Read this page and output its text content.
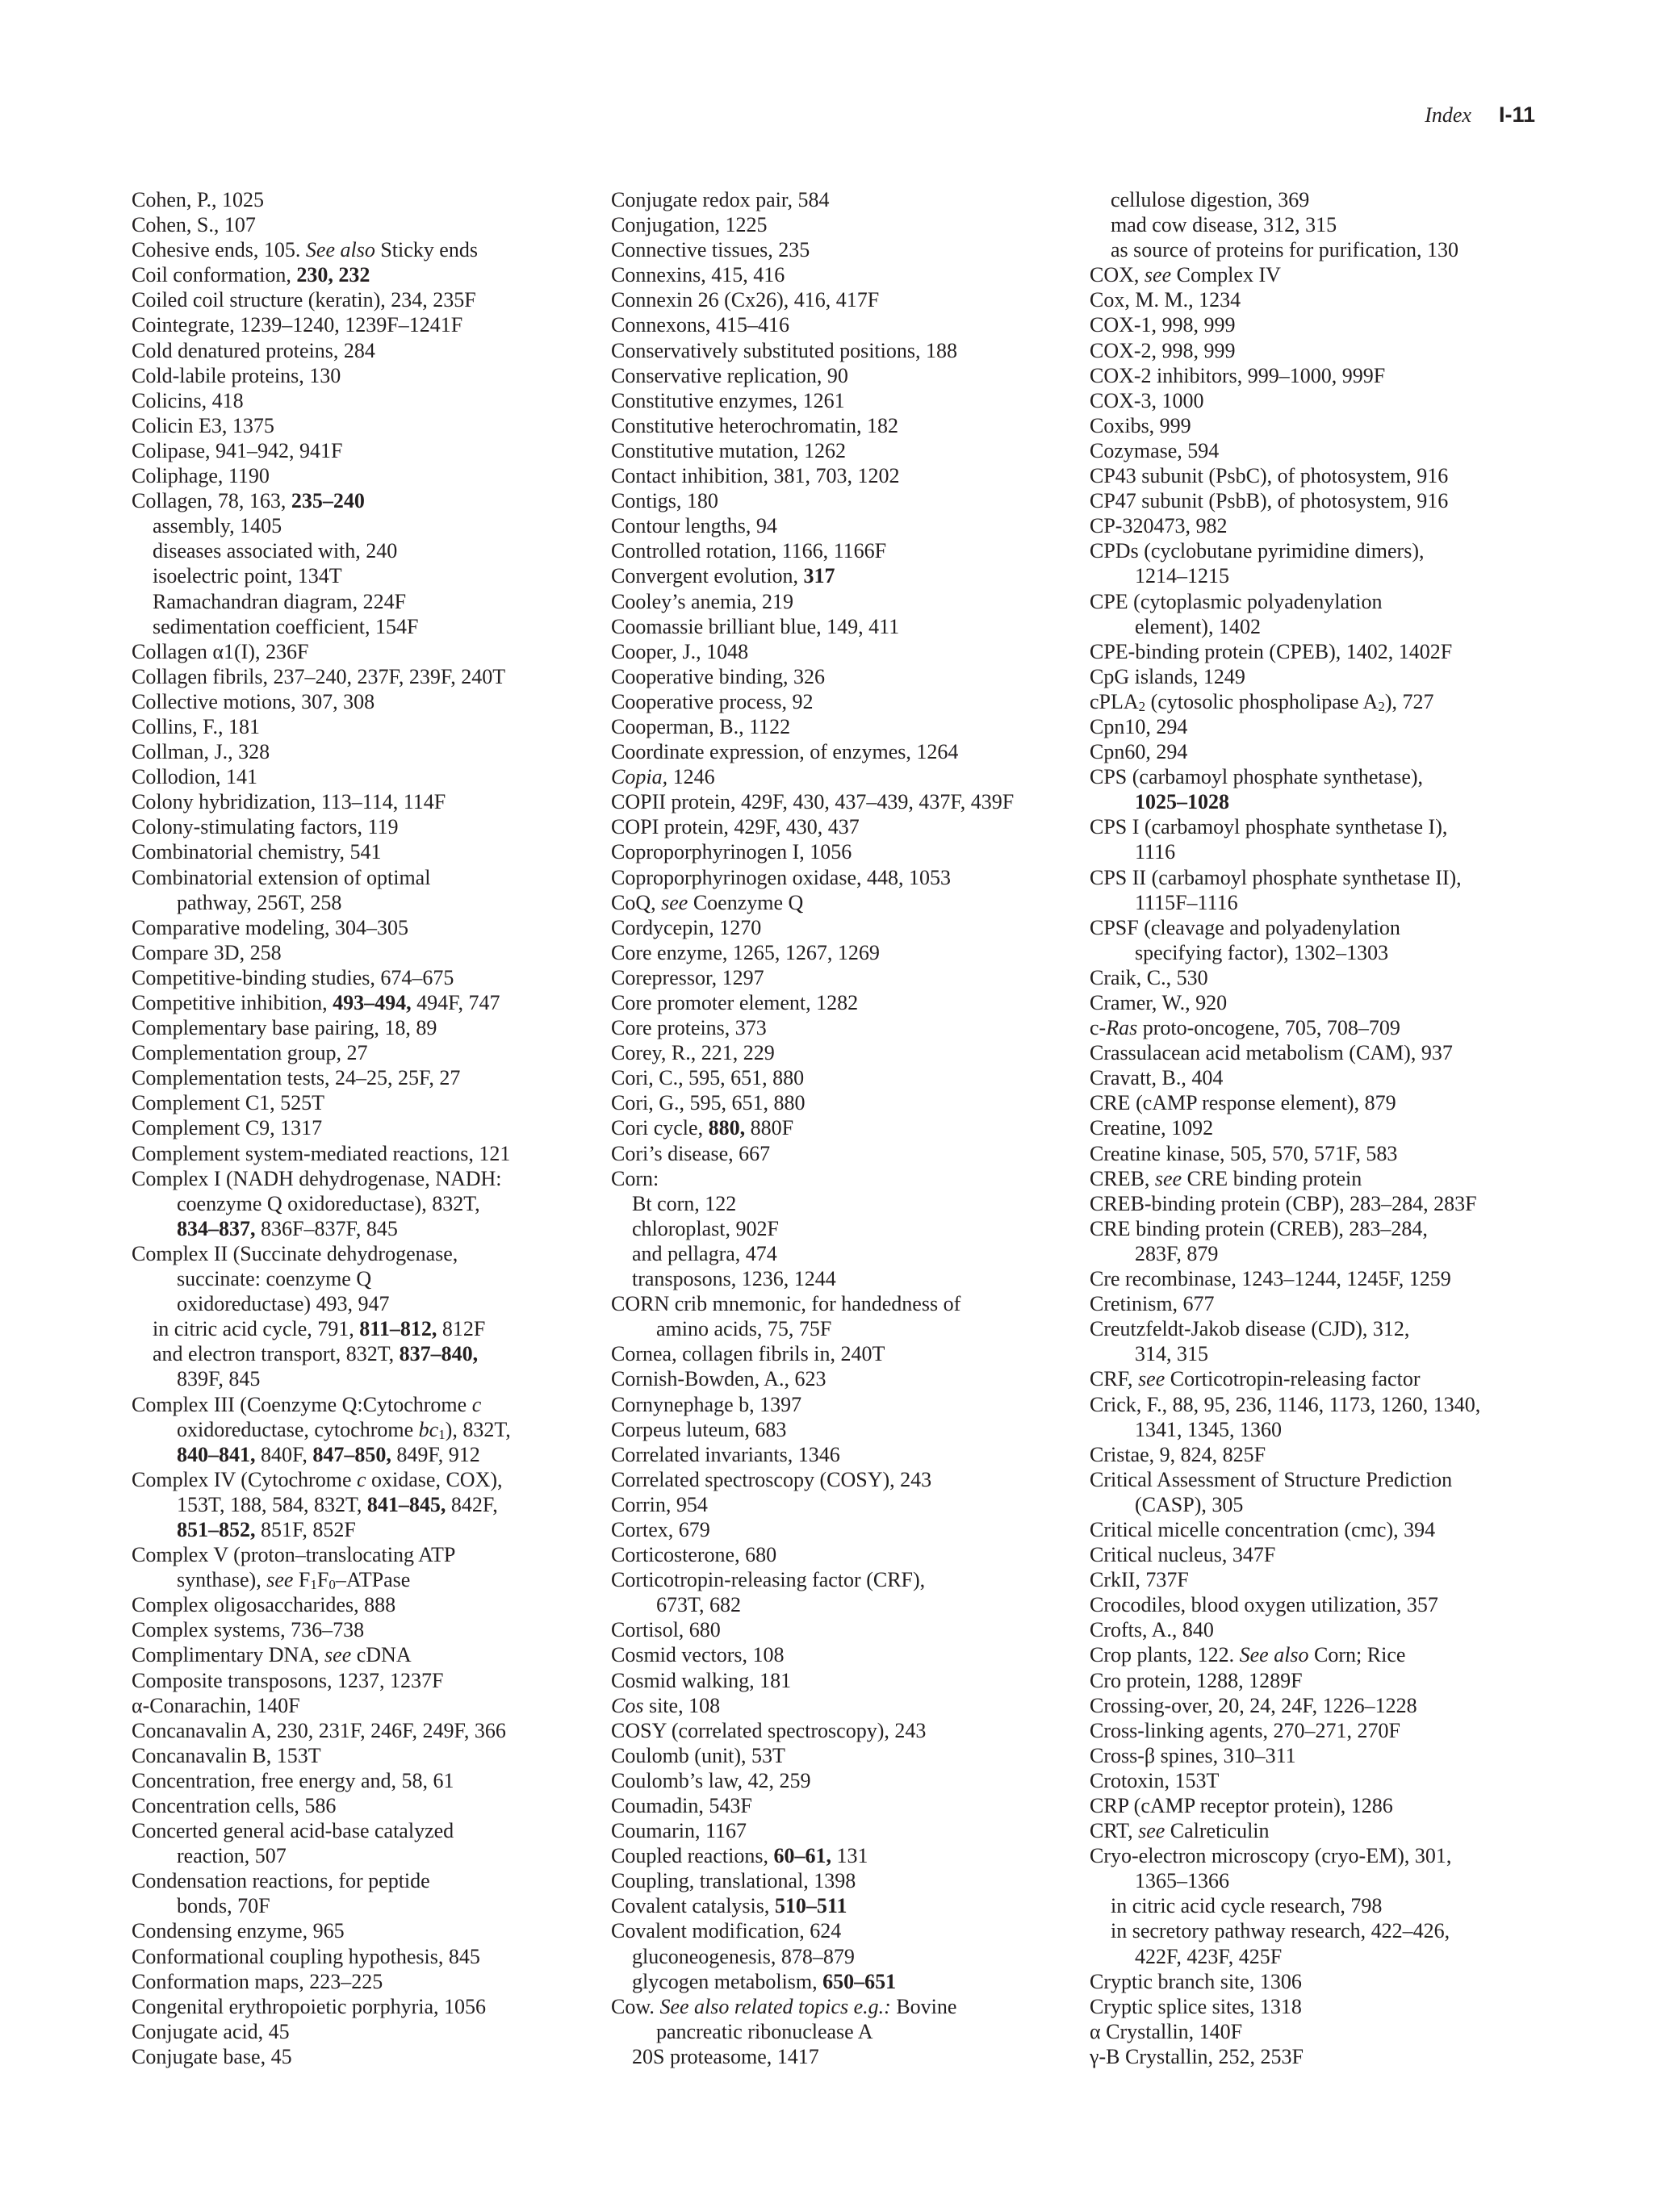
Index I-11
Cohen, P., 1025
Cohen, S., 107
Cohesive ends, 105. See also Sticky ends
Coil conformation, 230, 232
Coiled coil structure (keratin), 234, 235F
Cointegrate, 1239–1240, 1239F–1241F
Cold denatured proteins, 284
Cold-labile proteins, 130
Colicins, 418
Colicin E3, 1375
Colipase, 941–942, 941F
Coliphage, 1190
Collagen, 78, 163, 235–240
assembly, 1405
diseases associated with, 240
isoelectric point, 134T
Ramachandran diagram, 224F
sedimentation coefficient, 154F
Collagen α1(I), 236F
Collagen fibrils, 237–240, 237F, 239F, 240T
Collective motions, 307, 308
Collins, F., 181
Collman, J., 328
Collodion, 141
Colony hybridization, 113–114, 114F
Colony-stimulating factors, 119
Combinatorial chemistry, 541
Combinatorial extension of optimal
pathway, 256T, 258
Comparative modeling, 304–305
Compare 3D, 258
Competitive-binding studies, 674–675
Competitive inhibition, 493–494, 494F, 747
Complementary base pairing, 18, 89
Complementation group, 27
Complementation tests, 24–25, 25F, 27
Complement C1, 525T
Complement C9, 1317
Complement system-mediated reactions, 121
Complex I (NADH dehydrogenase, NADH:
coenzyme Q oxidoreductase), 832T,
834–837, 836F–837F, 845
Complex II (Succinate dehydrogenase,
succinate: coenzyme Q
oxidoreductase) 493, 947
in citric acid cycle, 791, 811–812, 812F
and electron transport, 832T, 837–840,
839F, 845
Complex III (Coenzyme Q:Cytochrome c
oxidoreductase, cytochrome $bc_1$), 832T,
840–841, 840F, 847–850, 849F, 912
Complex IV (Cytochrome c oxidase, COX),
153T, 188, 584, 832T, 841–845, 842F,
851–852, 851F, 852F
Complex V (proton–translocating ATP
synthase), see $F_1F_0$–ATPase
Complex oligosaccharides, 888
Complex systems, 736–738
Complimentary DNA, see cDNA
Composite transposons, 1237, 1237F
α-Conarachin, 140F
Concanavalin A, 230, 231F, 246F, 249F, 366
Concanavalin B, 153T
Concentration, free energy and, 58, 61
Concentration cells, 586
Concerted general acid-base catalyzed
reaction, 507
Condensation reactions, for peptide
bonds, 70F
Condensing enzyme, 965
Conformational coupling hypothesis, 845
Conformation maps, 223–225
Congenital erythropoietic porphyria, 1056
Conjugate acid, 45
Conjugate base, 45
Conjugate redox pair, 584
Conjugation, 1225
Connective tissues, 235
Connexins, 415, 416
Connexin 26 (Cx26), 416, 417F
Connexons, 415–416
Conservatively substituted positions, 188
Conservative replication, 90
Constitutive enzymes, 1261
Constitutive heterochromatin, 182
Constitutive mutation, 1262
Contact inhibition, 381, 703, 1202
Contigs, 180
Contour lengths, 94
Controlled rotation, 1166, 1166F
Convergent evolution, 317
Cooley’s anemia, 219
Coomassie brilliant blue, 149, 411
Cooper, J., 1048
Cooperative binding, 326
Cooperative process, 92
Cooperman, B., 1122
Coordinate expression, of enzymes, 1264
Copia, 1246
COPII protein, 429F, 430, 437–439, 437F, 439F
COPI protein, 429F, 430, 437
Coproporphyrinogen I, 1056
Coproporphyrinogen oxidase, 448, 1053
CoQ, see Coenzyme Q
Cordycepin, 1270
Core enzyme, 1265, 1267, 1269
Corepressor, 1297
Core promoter element, 1282
Core proteins, 373
Corey, R., 221, 229
Cori, C., 595, 651, 880
Cori, G., 595, 651, 880
Cori cycle, 880, 880F
Cori’s disease, 667
Corn:
Bt corn, 122
chloroplast, 902F
and pellagra, 474
transposons, 1236, 1244
CORN crib mnemonic, for handedness of
amino acids, 75, 75F
Cornea, collagen fibrils in, 240T
Cornish-Bowden, A., 623
Cornynephage b, 1397
Corpeus luteum, 683
Correlated invariants, 1346
Correlated spectroscopy (COSY), 243
Corrin, 954
Cortex, 679
Corticosterone, 680
Corticotropin-releasing factor (CRF),
673T, 682
Cortisol, 680
Cosmid vectors, 108
Cosmid walking, 181
Cos site, 108
COSY (correlated spectroscopy), 243
Coulomb (unit), 53T
Coulomb’s law, 42, 259
Coumadin, 543F
Coumarin, 1167
Coupled reactions, 60–61, 131
Coupling, translational, 1398
Covalent catalysis, 510–511
Covalent modification, 624
gluconeogenesis, 878–879
glycogen metabolism, 650–651
Cow. See also related topics e.g.: Bovine
pancreatic ribonuclease A
20S proteasome, 1417
cellulose digestion, 369
mad cow disease, 312, 315
as source of proteins for purification, 130
COX, see Complex IV
Cox, M. M., 1234
COX-1, 998, 999
COX-2, 998, 999
COX-2 inhibitors, 999–1000, 999F
COX-3, 1000
Coxibs, 999
Cozymase, 594
CP43 subunit (PsbC), of photosystem, 916
CP47 subunit (PsbB), of photosystem, 916
CP-320473, 982
CPDs (cyclobutane pyrimidine dimers),
1214–1215
CPE (cytoplasmic polyadenylation
element), 1402
CPE-binding protein (CPEB), 1402, 1402F
CpG islands, 1249
cPLA$_2$ (cytosolic phospholipase $A_2$), 727
Cpn10, 294
Cpn60, 294
CPS (carbamoyl phosphate synthetase),
1025–1028
CPS I (carbamoyl phosphate synthetase I),
1116
CPS II (carbamoyl phosphate synthetase II),
1115F–1116
CPSF (cleavage and polyadenylation
specifying factor), 1302–1303
Craik, C., 530
Cramer, W., 920
c-Ras proto-oncogene, 705, 708–709
Crassulacean acid metabolism (CAM), 937
Cravatt, B., 404
CRE (cAMP response element), 879
Creatine, 1092
Creatine kinase, 505, 570, 571F, 583
CREB, see CRE binding protein
CREB-binding protein (CBP), 283–284, 283F
CRE binding protein (CREB), 283–284,
283F, 879
Cre recombinase, 1243–1244, 1245F, 1259
Cretinism, 677
Creutzfeldt-Jakob disease (CJD), 312,
314, 315
CRF, see Corticotropin-releasing factor
Crick, F., 88, 95, 236, 1146, 1173, 1260, 1340,
1341, 1345, 1360
Cristae, 9, 824, 825F
Critical Assessment of Structure Prediction
(CASP), 305
Critical micelle concentration (cmc), 394
Critical nucleus, 347F
CrkII, 737F
Crocodiles, blood oxygen utilization, 357
Crofts, A., 840
Crop plants, 122. See also Corn; Rice
Cro protein, 1288, 1289F
Crossing-over, 20, 24, 24F, 1226–1228
Cross-linking agents, 270–271, 270F
Cross-β spines, 310–311
Crotoxin, 153T
CRP (cAMP receptor protein), 1286
CRT, see Calreticulin
Cryo-electron microscopy (cryo-EM), 301,
1365–1366
in citric acid cycle research, 798
in secretory pathway research, 422–426,
422F, 423F, 425F
Cryptic branch site, 1306
Cryptic splice sites, 1318
α Crystallin, 140F
γ-B Crystallin, 252, 253F
